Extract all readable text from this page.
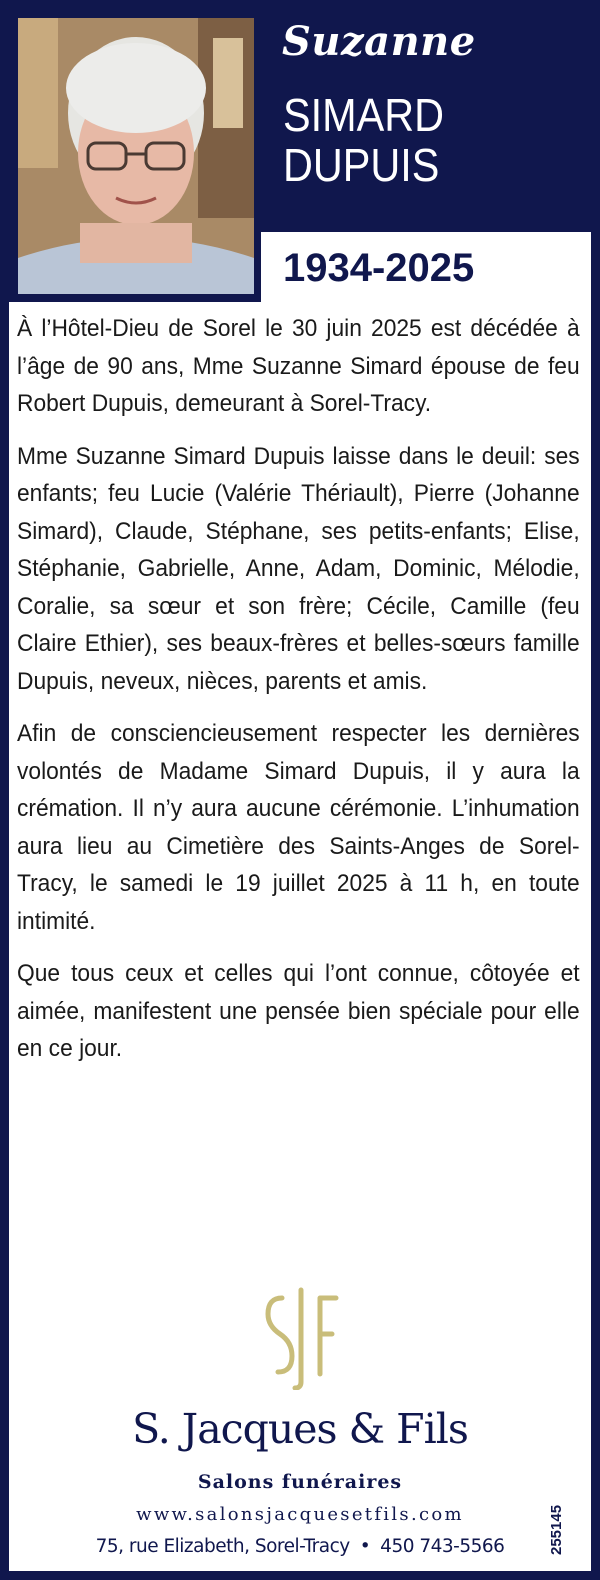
Suzanne
SIMARD
DUPUIS
1934-2025

À l’Hôtel-Dieu de Sorel le 30 juin 2025 est décédée à l’âge de 90 ans, Mme Suzanne Simard épouse de feu Robert Dupuis, demeurant à Sorel-Tracy.

Mme Suzanne Simard Dupuis laisse dans le deuil: ses enfants; feu Lucie (Valérie Thériault), Pierre (Johanne Simard), Claude, Stéphane, ses petits-enfants; Elise, Stéphanie, Gabrielle, Anne, Adam, Dominic, Mélodie, Coralie, sa sœur et son frère; Cécile, Camille (feu Claire Ethier), ses beaux-frères et belles-sœurs famille Dupuis, neveux, nièces, parents et amis.

Afin de consciencieusement respecter les dernières volontés de Madame Simard Dupuis, il y aura la crémation. Il n’y aura aucune cérémonie. L’inhumation aura lieu au Cimetière des Saints-Anges de Sorel-Tracy, le samedi le 19 juillet 2025 à 11 h, en toute intimité.

Que tous ceux et celles qui l’ont connue, côtoyée et aimée, manifestent une pensée bien spéciale pour elle en ce jour.

S. Jacques & Fils
Salons funéraires
www.salonsjacquesetfils.com
75, rue Elizabeth, Sorel-Tracy • 450 743-5566	255145
